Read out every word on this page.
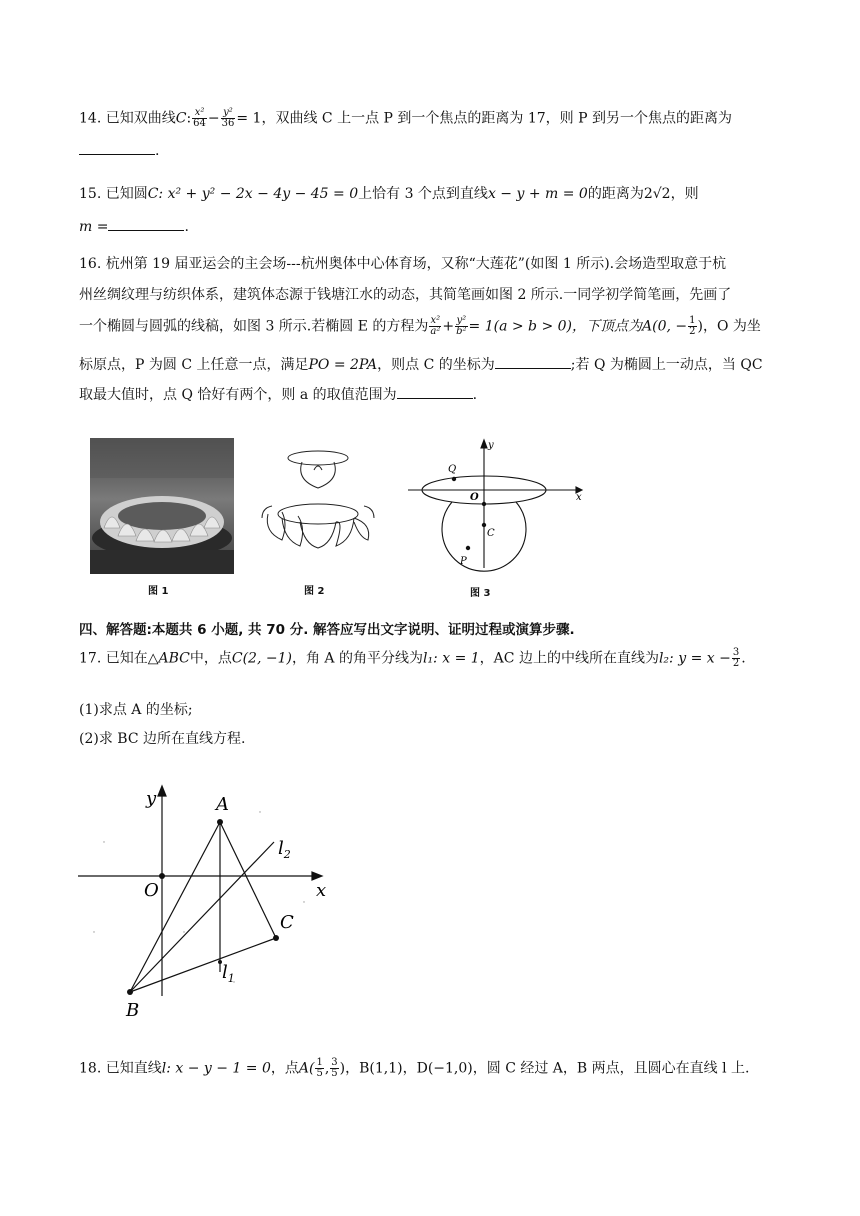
14. 已知双曲线C: $\frac{\text{x²}}{64} - \frac{\text{y²}}{36} = 1$，双曲线 C 上一点 P 到一个焦点的距离为 17，则 P 到另一个焦点的距离为
.
15. 已知圆C: x² + y² − 2x − 4y − 45 = 0上恰有 3 个点到直线x − y + m = 0的距离为2√2，则
m =	.
16. 杭州第 19 届亚运会的主会场---杭州奥体中心体育场，又称“大莲花”(如图 1 所示).会场造型取意于杭
州丝绸纹理与纺织体系，建筑体态源于钱塘江水的动态，其简笔画如图 2 所示.一同学初学简笔画，先画了
一个椭圆与圆弧的线稿，如图 3 所示.若椭圆 E 的方程为 $\frac{\text{x²}}{\text{a²}} + \frac{\text{y²}}{\text{b²}} = 1(a > b > 0)$，下顶点为A(0, − $\frac{1}{2}$ )，O 为坐
标原点，P 为圆 C 上任意一点，满足PO = 2PA，则点 C 的坐标为	;若 Q 为椭圆上一动点，当 QC
取最大值时，点 Q 恰好有两个，则 a 的取值范围为	.
图 1	图 2
y
x
Q
O
C
P
图 3
四、解答题:本题共 6 小题, 共 70 分. 解答应写出文字说明、证明过程或演算步骤.
17. 已知在△ABC中，点C(2, −1)，角 A 的角平分线为l₁: x = 1，AC 边上的中线所在直线为l₂: $y = x - \frac{3}{2}$ .
(1)求点 A 的坐标;
(2)求 BC 边所在直线方程.
y
x
A
O
C
B
$l_1$
$l_2$
18. 已知直线l: x − y − 1 = 0，点$A( \frac{1}{5}$ , $\frac{3}{5}$ )，B(1,1)，D(−1,0)，圆 C 经过 A，B 两点，且圆心在直线 l 上.
